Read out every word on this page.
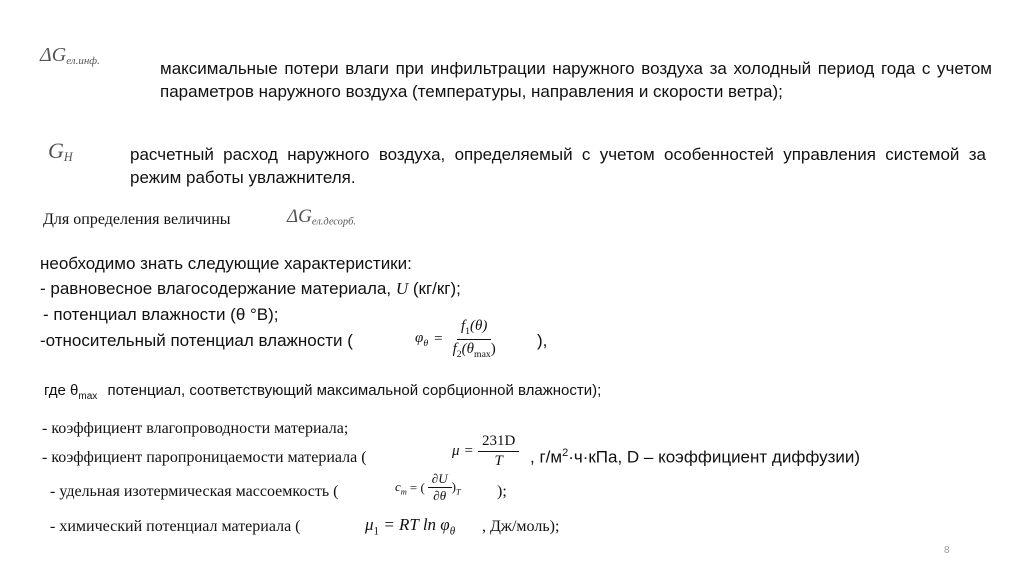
$\Delta G_{ел.инф.}$	максимальные потери влаги при инфильтрации наружного воздуха за холодный период года с учетом параметров наружного воздуха (температуры, направления и скорости ветра);
$G_Н$	расчетный расход наружного воздуха, определяемый с учетом особенностей управления системой за режим работы увлажнителя.
Для определения величины	$\Delta G_{ел.десорб.}$
необходимо знать следующие характеристики:
- равновесное влагосодержание материала, U (кг/кг);
- потенциал влажности (θ °В);
-относительный потенциал влажности (	$\varphi_\theta = \frac{f_1(\theta)}{f_2(\theta_{max})}$ ),
где $\theta_{max}$ потенциал, соответствующий максимальной сорбционной влажности);
- коэффициент влагопроводности материала;
- коэффициент паропроницаемости материала (	$\mu = \frac{231D}{T}$ , $г/м^2\cdot ч\cdot кПа$, D – коэффициент диффузии)
- удельная изотермическая массоемкость (	$c_m$ = ( $\frac{\partial U}{\partial\theta} )_T$ );
- химический потенциал материала (	$\mu_1$ = RT $\ln \varphi_\theta$ , Дж/моль);
8
